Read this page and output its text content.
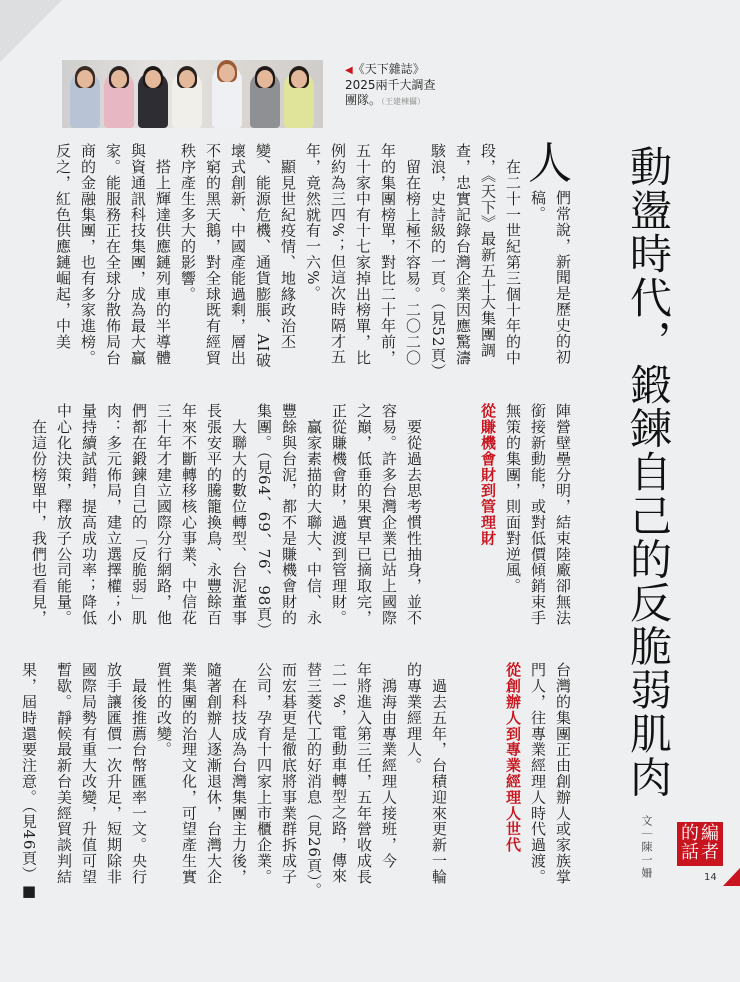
◀《天下雜誌》
2025兩千大調查
團隊。（王建棟攝）
動盪時代，鍛鍊自己的反脆弱肌肉
文｜陳一姍	編
者
的
話
14
人
們常說，新聞是歷史的初
稿。
　在二十一世紀第三個十年的中
段，《天下》最新五十大集團調
查，忠實記錄台灣企業因應驚濤
駭浪，史詩級的一頁。（見52頁）
　留在榜上極不容易。二〇二〇
年的集團榜單，對比二十年前，
五十家中有十七家掉出榜單，比
例約為三四%；但這次時隔才五
年，竟然就有一六%。
　顯見世紀疫情、地緣政治丕
變、能源危機、通貨膨脹、AI破
壞式創新、中國產能過剩，層出
不窮的黑天鵝，對全球既有經貿
秩序產生多大的影響。
　搭上輝達供應鏈列車的半導體
與資通訊科技集團，成為最大贏
家。能服務正在全球分散佈局台
商的金融集團，也有多家進榜。
反之，紅色供應鏈崛起，中美
陣營壁壘分明，結束陸廠卻無法
銜接新動能，或對低價傾銷束手
無策的集團，則面對逆風。
從賺機會財到管理財
　要從過去思考慣性抽身，並不
容易。許多台灣企業已站上國際
之巔，低垂的果實早已摘取完，
正從賺機會財，過渡到管理財。
　贏家素描的大聯大、中信、永
豐餘與台泥，都不是賺機會財的
集團。（見64、69、76、98頁）
　大聯大的數位轉型、台泥董事
長張安平的騰籠換鳥、永豐餘百
年來不斷轉移核心事業、中信花
三十年才建立國際分行網路，他
們都在鍛鍊自己的「反脆弱」肌
肉：多元佈局，建立選擇權；小
量持續試錯，提高成功率；降低
中心化決策，釋放子公司能量。
　在這份榜單中，我們也看見，
台灣的集團正由創辦人或家族掌
門人，往專業經理人時代過渡。
從創辦人到專業經理人世代
　過去五年，台積迎來更新一輪
的專業經理人。
　鴻海由專業經理人接班，今
年將進入第三任，五年營收成長
二一%，電動車轉型之路，傳來
替三菱代工的好消息（見26頁）。
而宏碁更是徹底將事業群拆成子
公司，孕育十四家上市櫃企業。
　在科技成為台灣集團主力後，
隨著創辦人逐漸退休，台灣大企
業集團的治理文化，可望產生實
質性的改變。
　最後推薦台幣匯率一文。央行
放手讓匯價一次升足，短期除非
國際局勢有重大改變，升值可望
暫歇。靜候最新台美經貿談判結
果，屆時還要注意。（見46頁）■
